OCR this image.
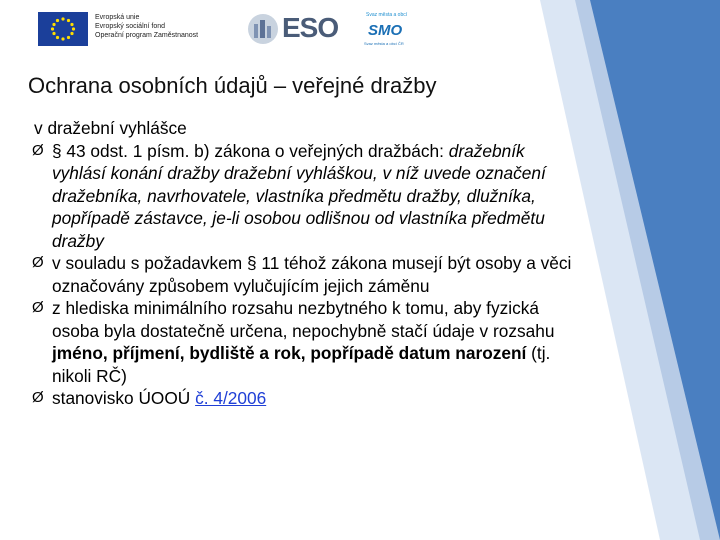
Evropská unie
Evropský sociální fond
Operační program Zaměstnanost	ESO	Svaz města a obcí
SMO
Svaz města a obcí ČR
Ochrana osobních údajů – veřejné dražby

v dražební vyhlášce

Ø § 43 odst. 1 písm. b) zákona o veřejných dražbách: dražebník vyhlásí konání dražby dražební vyhláškou, v níž uvede označení dražebníka, navrhovatele, vlastníka předmětu dražby, dlužníka, popřípadě zástavce, je-li osobou odlišnou od vlastníka předmětu dražby
Ø v souladu s požadavkem § 11 téhož zákona musejí být osoby a věci označovány způsobem vylučujícím jejich záměnu
Ø z hlediska minimálního rozsahu nezbytného k tomu, aby fyzická osoba byla dostatečně určena, nepochybně stačí údaje v rozsahu jméno, příjmení, bydliště a rok, popřípadě datum narození (tj. nikoli RČ)
Ø stanovisko ÚOOÚ č. 4/2006
